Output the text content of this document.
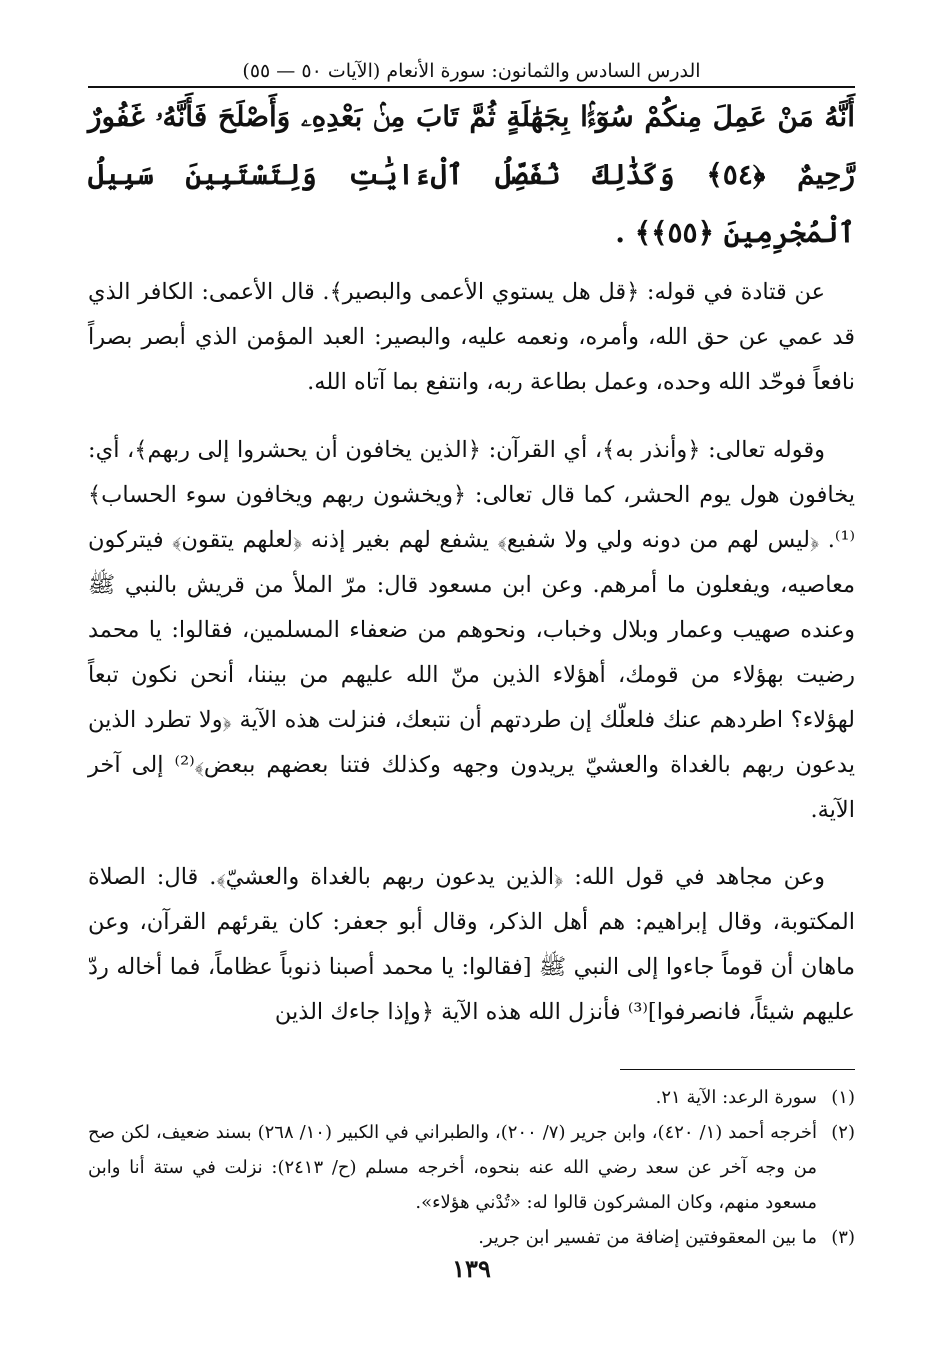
الدرس السادس والثمانون: سورة الأنعام (الآيات ٥٠ — ٥٥)
أَنَّهُ مَنْ عَمِلَ مِنكُمْ سُوٓءًۢا بِجَهَٰلَةٍ ثُمَّ تَابَ مِنۢ بَعْدِهِۦ وَأَصْلَحَ فَأَنَّهُۥ غَفُورٌ رَّحِيمٌ ﴿٥٤﴾ وَكَذَٰلِكَ نُفَصِّلُ ٱلْءَايَٰتِ وَلِتَسْتَبِينَ سَبِيلُ ٱلْمُجْرِمِينَ ﴿٥٥﴾﴾ .

عن قتادة في قوله: ﴿قل هل يستوي الأعمى والبصير﴾. قال الأعمى: الكافر الذي قد عمي عن حق الله، وأمره، ونعمه عليه، والبصير: العبد المؤمن الذي أبصر بصراً نافعاً فوحّد الله وحده، وعمل بطاعة ربه، وانتفع بما آتاه الله.

وقوله تعالى: ﴿وأنذر به﴾، أي القرآن: ﴿الذين يخافون أن يحشروا إلى ربهم﴾، أي: يخافون هول يوم الحشر، كما قال تعالى: ﴿ويخشون ربهم ويخافون سوء الحساب﴾⁽¹⁾. ﴿ليس لهم من دونه ولي ولا شفيع﴾ يشفع لهم بغير إذنه ﴿لعلهم يتقون﴾ فيتركون معاصيه، ويفعلون ما أمرهم. وعن ابن مسعود قال: مرّ الملأ من قريش بالنبي ﷺ وعنده صهيب وعمار وبلال وخباب، ونحوهم من ضعفاء المسلمين، فقالوا: يا محمد رضيت بهؤلاء من قومك، أهؤلاء الذين منّ الله عليهم من بيننا، أنحن نكون تبعاً لهؤلاء؟ اطردهم عنك فلعلّك إن طردتهم أن نتبعك، فنزلت هذه الآية ﴿ولا تطرد الذين يدعون ربهم بالغداة والعشيّ يريدون وجهه وكذلك فتنا بعضهم ببعض﴾⁽²⁾ إلى آخر الآية.

وعن مجاهد في قول الله: ﴿الذين يدعون ربهم بالغداة والعشيّ﴾. قال: الصلاة المكتوبة، وقال إبراهيم: هم أهل الذكر، وقال أبو جعفر: كان يقرئهم القرآن، وعن ماهان أن قوماً جاءوا إلى النبي ﷺ [فقالوا: يا محمد أصبنا ذنوباً عظاماً، فما أخاله ردّ عليهم شيئاً، فانصرفوا]⁽³⁾ فأنزل الله هذه الآية ﴿وإذا جاءك الذين

(١)
سورة الرعد: الآية ٢١.
(٢)
أخرجه أحمد (١/ ٤٢٠)، وابن جرير (٧/ ٢٠٠)، والطبراني في الكبير (١٠/ ٢٦٨) بسند ضعيف، لكن صح من وجه آخر عن سعد رضي الله عنه بنحوه، أخرجه مسلم (ح/ ٢٤١٣): نزلت في ستة أنا وابن مسعود منهم، وكان المشركون قالوا له: «تُدْني هؤلاء».
(٣)
ما بين المعقوفتين إضافة من تفسير ابن جرير.
١٣٩
